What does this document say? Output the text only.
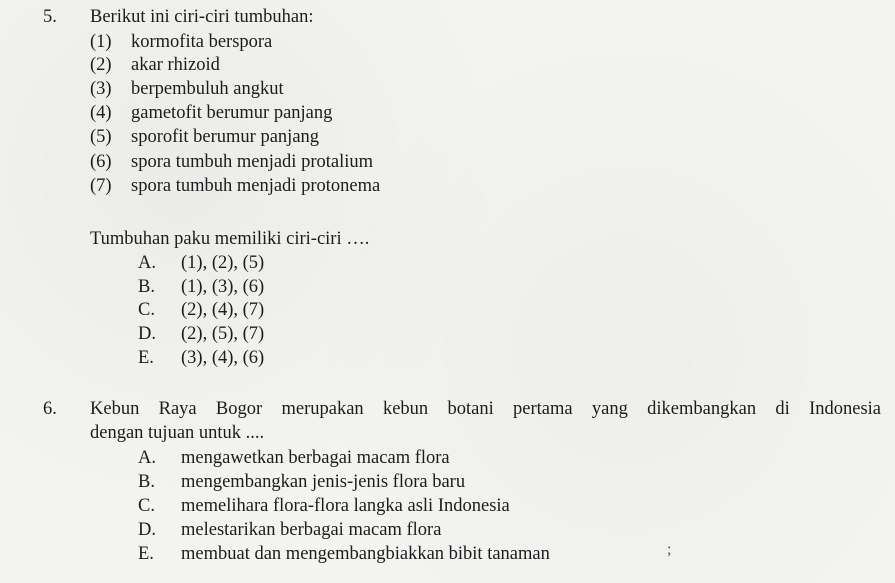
5. Berikut ini ciri-ciri tumbuhan:
(1) kormofita berspora
(2) akar rhizoid
(3) berpembuluh angkut
(4) gametofit berumur panjang
(5) sporofit berumur panjang
(6) spora tumbuh menjadi protalium
(7) spora tumbuh menjadi protonema
Tumbuhan paku memiliki ciri-ciri ….
A. (1), (2), (5)
B. (1), (3), (6)
C. (2), (4), (7)
D. (2), (5), (7)
E. (3), (4), (6)
6. Kebun Raya Bogor merupakan kebun botani pertama yang dikembangkan di Indonesia
dengan tujuan untuk ....
A. mengawetkan berbagai macam flora
B. mengembangkan jenis-jenis flora baru
C. memelihara flora-flora langka asli Indonesia
D. melestarikan berbagai macam flora
E. membuat dan mengembangbiakkan bibit tanaman	;
